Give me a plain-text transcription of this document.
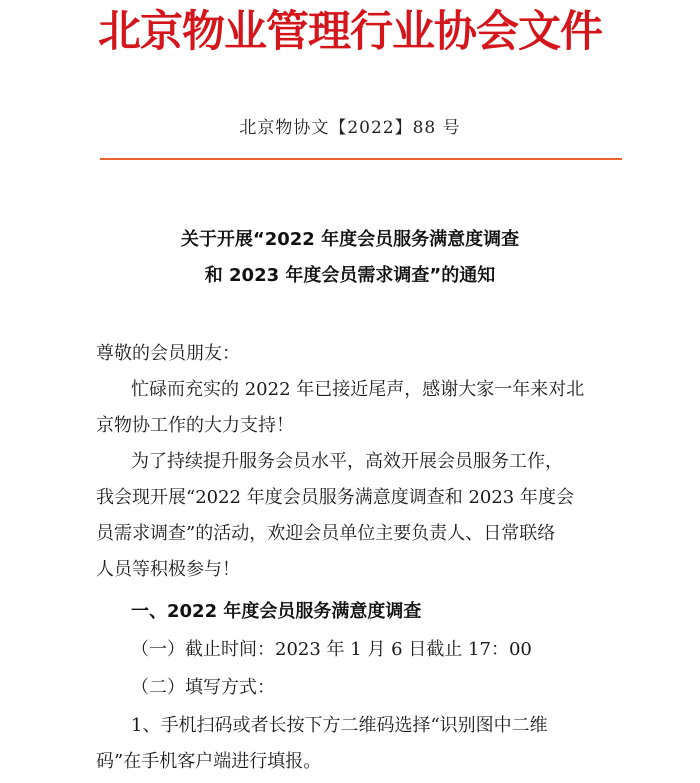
北京物业管理行业协会文件
北京物协文【2022】88 号
关于开展“2022 年度会员服务满意度调查
和 2023 年度会员需求调查”的通知
尊敬的会员朋友：
忙碌而充实的 2022 年已接近尾声，感谢大家一年来对北
京物协工作的大力支持！
为了持续提升服务会员水平，高效开展会员服务工作，
我会现开展“2022 年度会员服务满意度调查和 2023 年度会
员需求调查”的活动，欢迎会员单位主要负责人、日常联络
人员等积极参与！
一、2022 年度会员服务满意度调查
（一）截止时间：2023 年 1 月 6 日截止 17：00
（二）填写方式：
1、手机扫码或者长按下方二维码选择“识别图中二维
码”在手机客户端进行填报。
